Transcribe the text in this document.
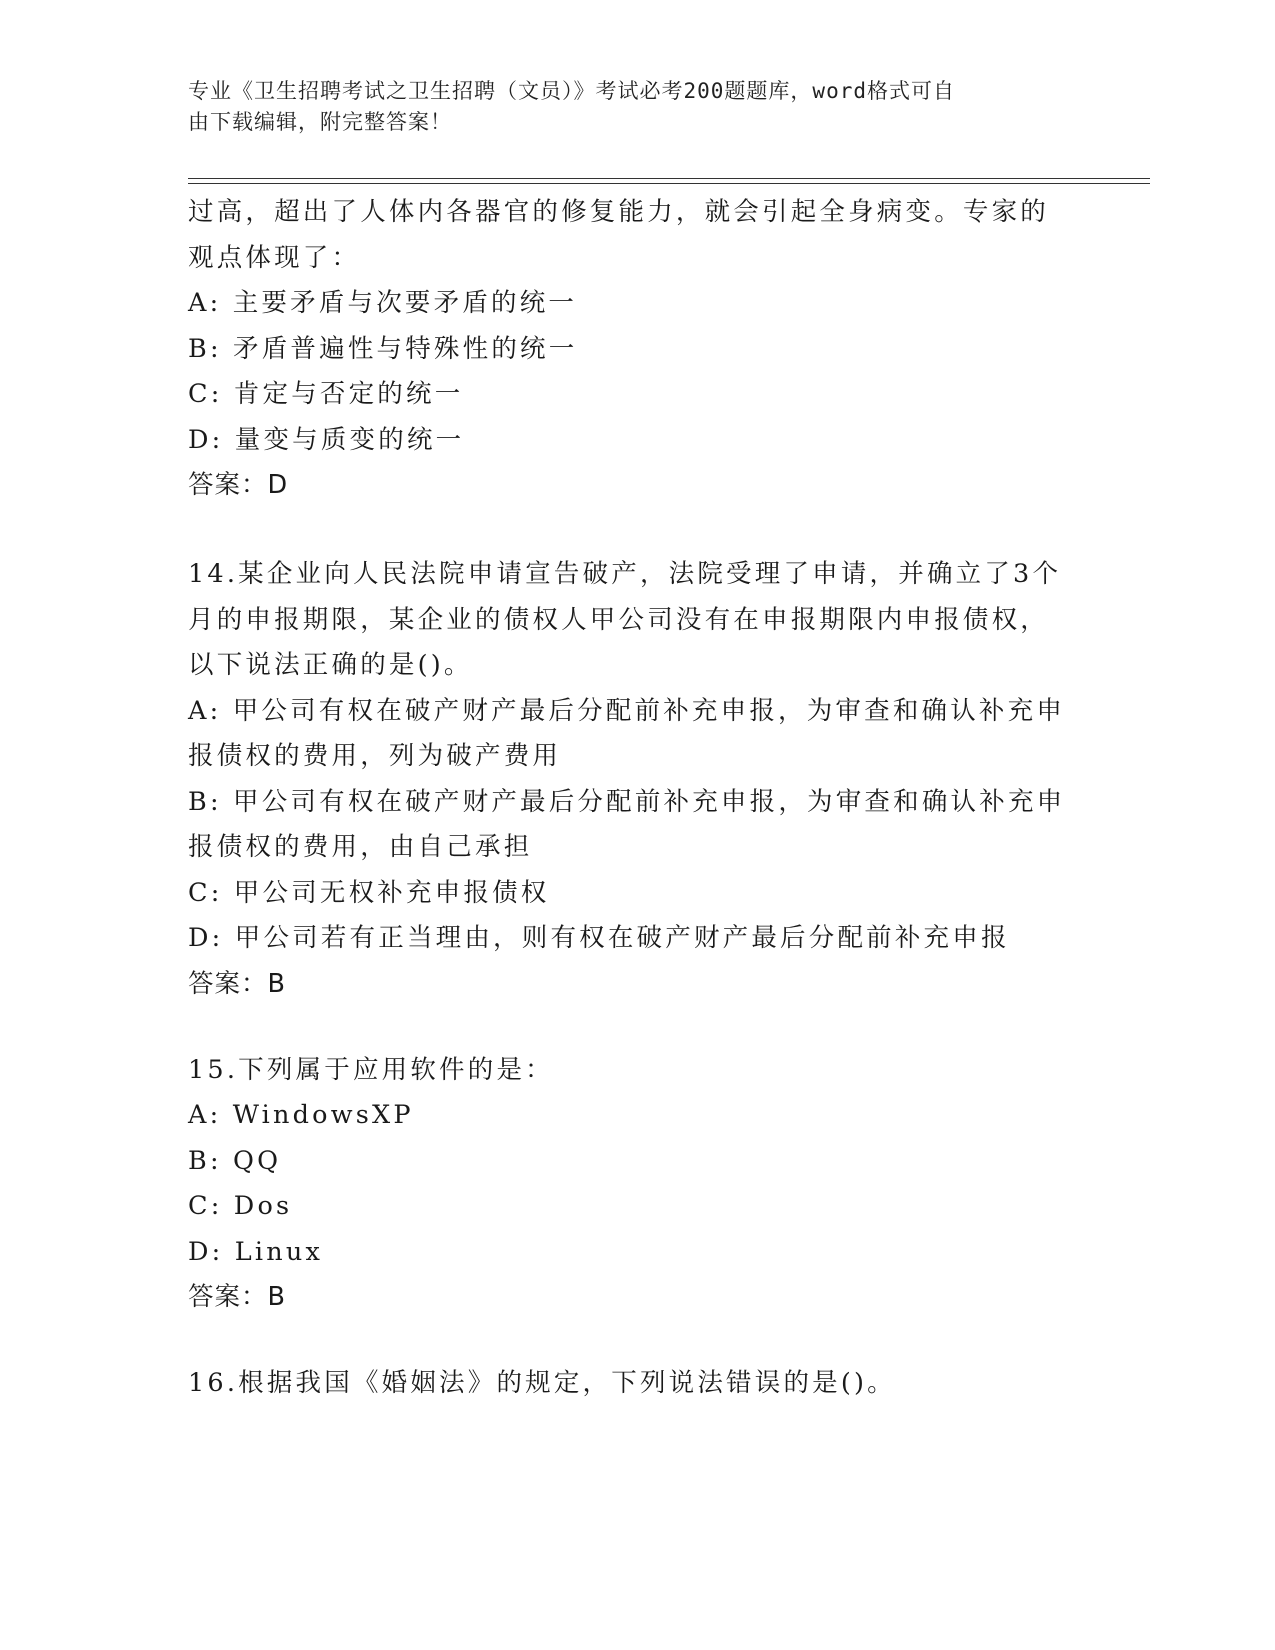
专业《卫生招聘考试之卫生招聘（文员）》考试必考200题题库，word格式可自
由下载编辑，附完整答案！
过高，超出了人体内各器官的修复能力，就会引起全身病变。专家的
观点体现了：
A: 主要矛盾与次要矛盾的统一
B: 矛盾普遍性与特殊性的统一
C: 肯定与否定的统一
D: 量变与质变的统一
答案：D
14.某企业向人民法院申请宣告破产，法院受理了申请，并确立了3个
月的申报期限，某企业的债权人甲公司没有在申报期限内申报债权，
以下说法正确的是()。
A: 甲公司有权在破产财产最后分配前补充申报，为审查和确认补充申
报债权的费用，列为破产费用
B: 甲公司有权在破产财产最后分配前补充申报，为审查和确认补充申
报债权的费用，由自己承担
C: 甲公司无权补充申报债权
D: 甲公司若有正当理由，则有权在破产财产最后分配前补充申报
答案：B
15.下列属于应用软件的是：
A: WindowsXP
B: QQ
C: Dos
D: Linux
答案：B
16.根据我国《婚姻法》的规定，下列说法错误的是()。
